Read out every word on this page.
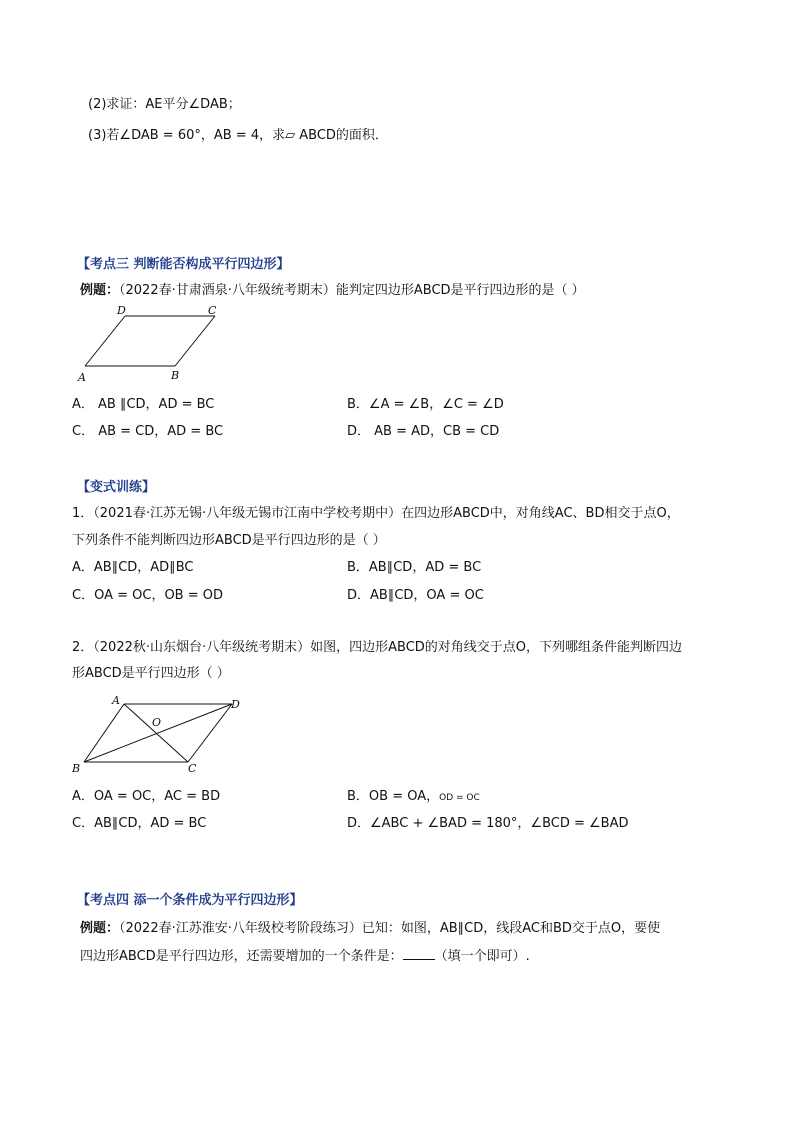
(2)求证：AE平分∠DAB；
(3)若∠DAB = 60°，AB = 4，求▱ ABCD的面积．
【考点三 判断能否构成平行四边形】
例题：（2022春·甘肃酒泉·八年级统考期末）能判定四边形ABCD是平行四边形的是（ ）
D	C
A	B
A． AB ∥CD，AD = BC	B．∠A = ∠B，∠C = ∠D
C． AB = CD，AD = BC	D． AB = AD，CB = CD
【变式训练】
1．（2021春·江苏无锡·八年级无锡市江南中学校考期中）在四边形ABCD中，对角线AC、BD相交于点O，
下列条件不能判断四边形ABCD是平行四边形的是（ ）
A．AB∥CD，AD∥BC	B．AB∥CD，AD = BC
C．OA = OC，OB = OD	D．AB∥CD，OA = OC
2．（2022秋·山东烟台·八年级统考期末）如图，四边形ABCD的对角线交于点O，下列哪组条件能判断四边
形ABCD是平行四边形（ ）
A	D
O
B	C
A．OA = OC，AC = BD	B．OB = OA，OD = OC
C．AB∥CD，AD = BC	D．∠ABC + ∠BAD = 180°，∠BCD = ∠BAD
【考点四 添一个条件成为平行四边形】
例题：（2022春·江苏淮安·八年级校考阶段练习）已知：如图，AB∥CD，线段AC和BD交于点O，要使
四边形ABCD是平行四边形，还需要增加的一个条件是： （填一个即可）.
